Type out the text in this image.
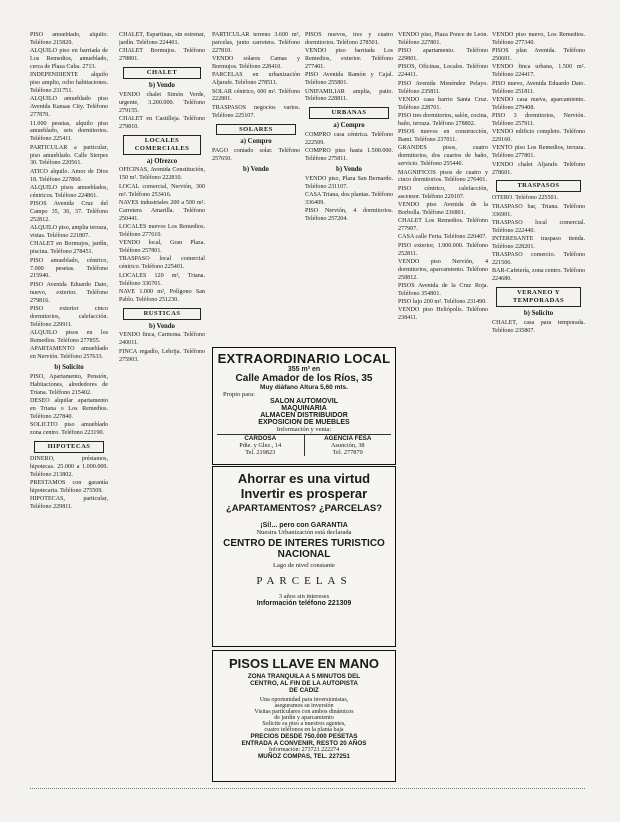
PISO amueblado, alquilo. Teléfono 215820.

ALQUILO piso en barriada de Los Remedios, amueblado, cerca de Plaza Cuba. 2713.

INDEPENDIENTE alquilo piso amplio, ocho habitaciones. Teléfono 231751.

ALQUILO amueblado piso Avenida Kansas City. Teléfono 277870.

11.000 pesetas, alquilo piso amueblado, seis dormitorios. Teléfono 225411.

PARTICULAR a particular, piso amueblado. Calle Sierpes 30. Teléfono 220561.

ATICO alquilo. Amor de Dios 18. Teléfono 227860.

ALQUILO pisos amueblados, céntricos. Teléfono 224861.

PISOS Avenida Cruz del Campo 35, 36, 37. Teléfono 252812.

ALQUILO piso, amplia terraza, vistas. Teléfono 221807.

CHALET en Bormujos, jardín, piscina. Teléfono 278451.

PISO amueblado, céntrico, 7.000 pesetas. Teléfono 215940.

PISO Avenida Eduardo Dato, nuevo, exterior. Teléfono 279816.

PISO exterior cinco dormitorios, calefacción. Teléfono 229911.

ALQUILO pisos en los Remedios. Teléfono 277855.

APARTAMENTO amueblado en Nervión. Teléfono 257633.

b) Solicito

PISO, Apartamento, Pensión, Habitaciones, alrededores de Triana. Teléfono 215402.

DESEO alquilar apartamento en Triana o Los Remedios. Teléfono 227840.

SOLICITO piso amueblado zona centro. Teléfono 223190.

HIPOTECAS

DINERO, préstamos, hipotecas. 25.000 a 1.000.000. Teléfono 213802.

PRESTAMOS con garantía hipotecaria. Teléfono 275509.

HIPOTECAS, particular, Teléfono 229811.

CHALET, Espartinas, sin estrenar, jardín. Teléfono 224401.

CHALET Bormujos. Teléfono 278801.

CHALET
b) Vendo

VENDO chalet Simón Verde, urgente, 3.200.000. Teléfono 279155.

CHALET en Castilleja. Teléfono 279810.

LOCALES COMERCIALES
a) Ofrezco

OFICINAS, Avenida Constitución, 150 m². Teléfono 222810.

LOCAL comercial, Nervión, 300 m². Teléfono 253416.

NAVES industriales 200 a 500 m². Carretera Amarilla. Teléfono 250441.

LOCALES nuevos Los Remedios. Teléfono 277610.

VENDO local, Gran Plaza. Teléfono 257801.

TRASPASO local comercial céntrico. Teléfono 225401.

LOCALES 120 m², Triana. Teléfono 336701.

NAVE 1.000 m², Polígono San Pablo. Teléfono 251230.

RUSTICAS
b) Vendo

VENDO finca, Carmona. Teléfono 240011.

FINCA regadío, Lebrija. Teléfono 275903.

PARTICULAR terreno 3.600 m², parcelas, junto carretera. Teléfono 227810.

VENDO solares Camas y Bormujos. Teléfono 228410.

PARCELAS en urbanización Aljarafe. Teléfono 278511.

SOLAR céntrico, 600 m². Teléfono 222801.

TRASPASOS negocios varios. Teléfono 225107.

SOLARES
a) Compro

PAGO contado solar. Teléfono 257650.

b) Vendo

PISOS nuevos, tres y cuatro dormitorios. Teléfono 278501.

VENDO piso barriada Los Remedios, exterior. Teléfono 277401.

PISO Avenida Ramón y Cajal. Teléfono 255801.

UNIFAMILIAR amplia, patio. Teléfono 228811.

URBANAS
a) Compro

COMPRO casa céntrica. Teléfono 222509.

COMPRO piso hasta 1.500.000. Teléfono 275811.

b) Vendo

VENDO piso, Plaza San Bernardo. Teléfono 231107.

CASA Triana, dos plantas. Teléfono 336409.

PISO Nervión, 4 dormitorios. Teléfono 257204.

VENDO piso, Plaza Ponce de León. Teléfono 227801.

PISO apartamento. Teléfono 229801.

PISOS, Oficinas, Locales. Teléfono 224411.

PISO Avenida Menéndez Pelayo. Teléfono 235811.

VENDO casa barrio Santa Cruz. Teléfono 228701.

PISO tres dormitorios, salón, cocina, baño, terraza. Teléfono 278802.

PISOS nuevos en construcción, Bami. Teléfono 237011.

GRANDES pisos, cuatro dormitorios, dos cuartos de baño, servicio. Teléfono 255440.

MAGNIFICOS pisos de cuatro y cinco dormitorios. Teléfono 276401.

PISO céntrico, calefacción, ascensor. Teléfono 229107.

VENDO piso Avenida de la Borbolla. Teléfono 236801.

CHALET Los Remedios. Teléfono 277907.

CASA calle Feria. Teléfono 220407.

PISO exterior, 1.900.000. Teléfono 252811.

VENDO piso Nervión, 4 dormitorios, aparcamiento. Teléfono 258812.

PISOS Avenida de la Cruz Roja. Teléfono 354801.

PISO lujo 200 m². Teléfono 231490.

VENDO piso Heliópolis. Teléfono 238411.

VENDO piso nuevo, Los Remedios. Teléfono 277340.

PISOS plan Avenida. Teléfono 250601.

VENDO finca urbana, 1.500 m². Teléfono 224417.

PISO nuevo, Avenida Eduardo Dato. Teléfono 251811.

VENDO casa nueva, aparcamiento. Teléfono 279408.

PISO 3 dormitorios, Nervión. Teléfono 257911.

VENDO edificio completo. Teléfono 229160.

VENTO piso Los Remedios, terraza. Teléfono 277801.

VENDO chalet Aljarafe. Teléfono 278601.

TRASPASOS

OTERO. Teléfono 225501.

TRASPASO bar, Triana. Teléfono 336901.

TRASPASO local comercial. Teléfono 222440.

INTERESANTE traspaso tienda. Teléfono 228201.

TRASPASO comercio. Teléfono 221506.

BAR-Cafetería, zona centro. Teléfono 224680.

VERANEO Y TEMPORADAS
b) Solicito

CHALET, casa para temporada. Teléfono 235807.

EXTRAORDINARIO LOCAL
355 m² en
Calle Amador de los Ríos, 35
Muy diáfano Altura 5,60 mts.
Propio para:
SALON AUTOMOVIL
MAQUINARIA
ALMACEN DISTRIBUIDOR
EXPOSICION DE MUEBLES
Información y venta:
CARDOSA
Pdte. y Glez., 14
Tel. 219823
AGENCIA FESA
Asunción, 38
Tel. 277879
Ahorrar es una virtud
Invertir es prosperar
¿APARTAMENTOS? ¿PARCELAS?
¡Sí!... pero con GARANTIA
Nuestra Urbanización está declarada
CENTRO DE INTERES TURISTICO
NACIONAL
Lago de nivel constante
PARCELAS
3 años sin intereses
Información teléfono 221309
PISOS LLAVE EN MANO
ZONA TRANQUILA A 5 MINUTOS DEL
CENTRO, AL FIN DE LA AUTOPISTA
DE CADIZ
Una oportunidad para inversionistas,
aseguramos su inversión
Visitas particulares con ambos dinámicos
de jardín y aparcamiento
Solicite su piso a nuestros agentes,
cuatro teléfonos en la planta baja
PRECIOS DESDE 750.000 PESETAS
ENTRADA A CONVENIR, RESTO 20 AÑOS
Información: 273721 222274
MUÑOZ COMPAS, TEL. 227251
